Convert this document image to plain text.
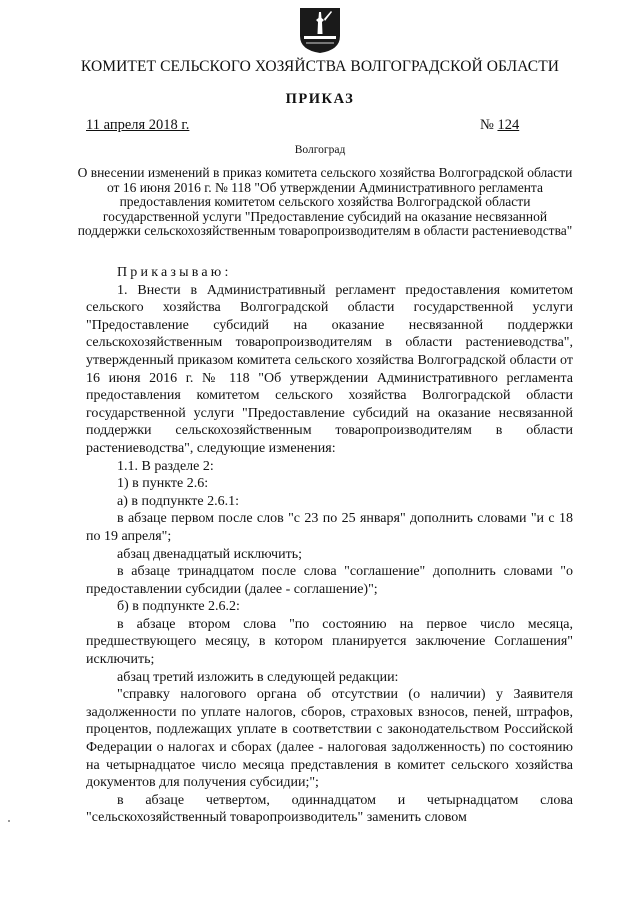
КОМИТЕТ СЕЛЬСКОГО ХОЗЯЙСТВА ВОЛГОГРАДСКОЙ ОБЛАСТИ
ПРИКАЗ
11 апреля 2018 г.	№ 124
Волгоград
О внесении изменений в приказ комитета сельского хозяйства Волгоградской области от 16 июня 2016 г. № 118 "Об утверждении Административного регламента предоставления комитетом сельского хозяйства Волгоградской области государственной услуги "Предоставление субсидий на оказание несвязанной поддержки сельскохозяйственным товаропроизводителям в области растениеводства"

Приказываю:

1. Внести в Административный регламент предоставления комитетом сельского хозяйства Волгоградской области государственной услуги "Предоставление субсидий на оказание несвязанной поддержки сельскохозяйственным товаропроизводителям в области растениеводства", утвержденный приказом комитета сельского хозяйства Волгоградской области от 16 июня 2016 г. № 118 "Об утверждении Административного регламента предоставления комитетом сельского хозяйства Волгоградской области государственной услуги "Предоставление субсидий на оказание несвязанной поддержки сельскохозяйственным товаропроизводителям в области растениеводства", следующие изменения:

1.1. В разделе 2:

1) в пункте 2.6:

а) в подпункте 2.6.1:

в абзаце первом после слов "с 23 по 25 января" дополнить словами "и с 18 по 19 апреля";

абзац двенадцатый исключить;

в абзаце тринадцатом после слова "соглашение" дополнить словами "о предоставлении субсидии (далее - соглашение)";

б) в подпункте 2.6.2:

в абзаце втором слова "по состоянию на первое число месяца, предшествующего месяцу, в котором планируется заключение Соглашения" исключить;

абзац третий изложить в следующей редакции:

"справку налогового органа об отсутствии (о наличии) у Заявителя задолженности по уплате налогов, сборов, страховых взносов, пеней, штрафов, процентов, подлежащих уплате в соответствии с законодательством Российской Федерации о налогах и сборах (далее - налоговая задолженность) по состоянию на четырнадцатое число месяца представления в комитет сельского хозяйства документов для получения субсидии;";

в абзаце четвертом, одиннадцатом и четырнадцатом слова "сельскохозяйственный товаропроизводитель" заменить словом
